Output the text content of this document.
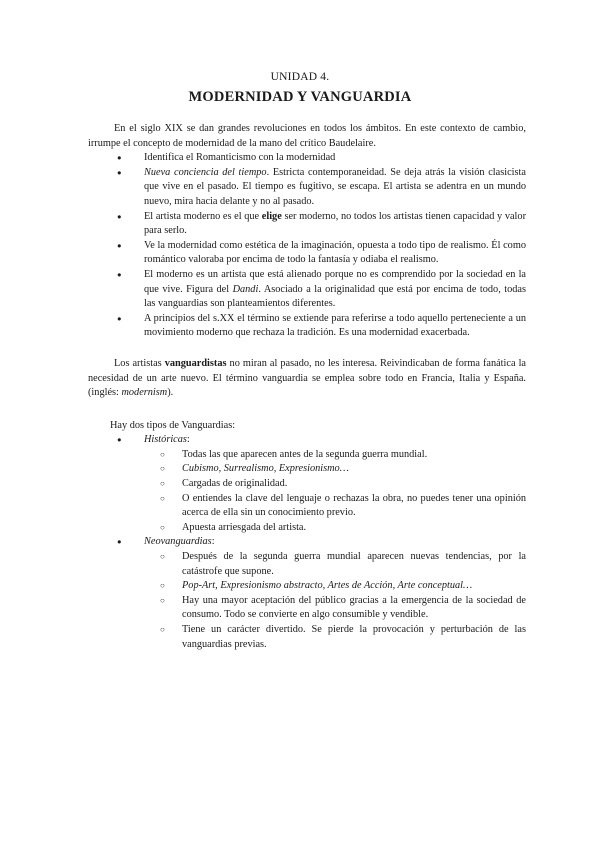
UNIDAD 4.
MODERNIDAD Y VANGUARDIA

En el siglo XIX se dan grandes revoluciones en todos los ámbitos. En este contexto de cambio, irrumpe el concepto de modernidad de la mano del crítico Baudelaire.

● Identifica el Romanticismo con la modernidad
● Nueva conciencia del tiempo. Estricta contemporaneidad. Se deja atrás la visión clasicista que vive en el pasado. El tiempo es fugitivo, se escapa. El artista se adentra en un mundo nuevo, mira hacia delante y no al pasado.
● El artista moderno es el que elige ser moderno, no todos los artistas tienen capacidad y valor para serlo.
● Ve la modernidad como estética de la imaginación, opuesta a todo tipo de realismo. Él como romántico valoraba por encima de todo la fantasía y odiaba el realismo.
● El moderno es un artista que está alienado porque no es comprendido por la sociedad en la que vive. Figura del Dandi. Asociado a la originalidad que está por encima de todo, todas las vanguardias son planteamientos diferentes.
● A principios del s.XX el término se extiende para referirse a todo aquello perteneciente a un movimiento moderno que rechaza la tradición. Es una modernidad exacerbada.

Los artistas vanguardistas no miran al pasado, no les interesa. Reivindicaban de forma fanática la necesidad de un arte nuevo. El término vanguardia se emplea sobre todo en Francia, Italia y España. (inglés: modernism).

Hay dos tipos de Vanguardias:

● Históricas:
○ Todas las que aparecen antes de la segunda guerra mundial.
○ Cubismo, Surrealismo, Expresionismo…
○ Cargadas de originalidad.
○ O entiendes la clave del lenguaje o rechazas la obra, no puedes tener una opinión acerca de ella sin un conocimiento previo.
○ Apuesta arriesgada del artista.
● Neovanguardias:
○ Después de la segunda guerra mundial aparecen nuevas tendencias, por la catástrofe que supone.
○ Pop-Art, Expresionismo abstracto, Artes de Acción, Arte conceptual…
○ Hay una mayor aceptación del público gracias a la emergencia de la sociedad de consumo. Todo se convierte en algo consumible y vendible.
○ Tiene un carácter divertido. Se pierde la provocación y perturbación de las vanguardias previas.
